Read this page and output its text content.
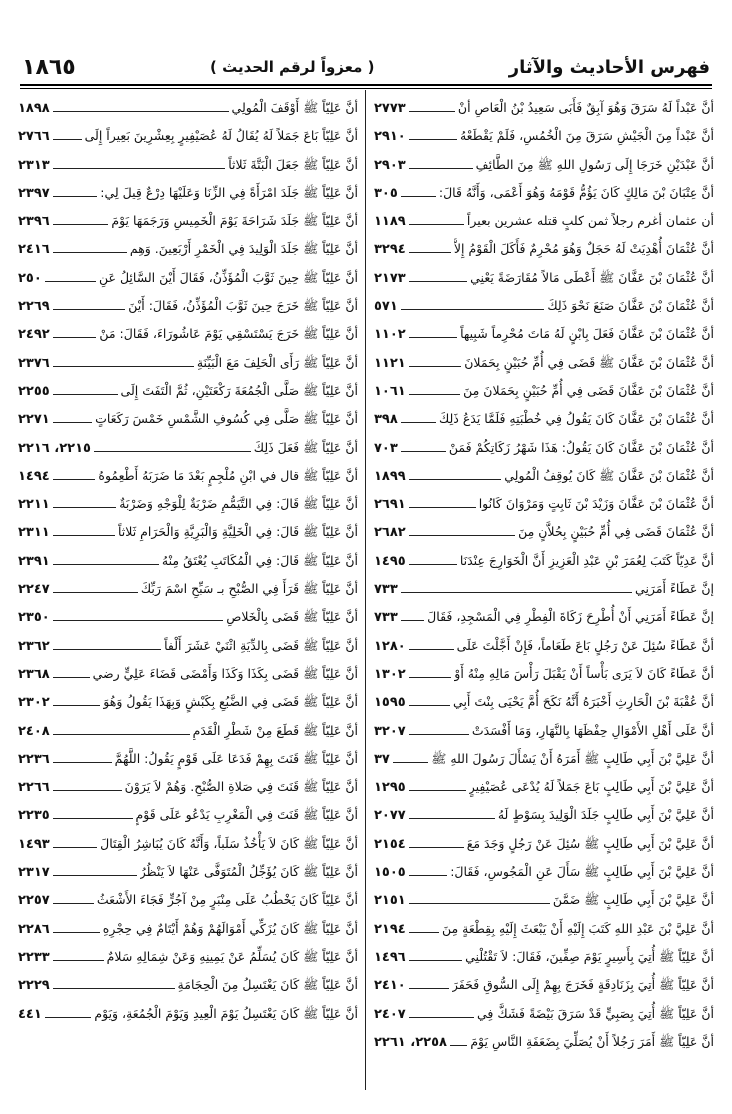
فهرس الأحاديث والآثار
( معزواً لرقم الحديث )
١٨٦٥
أنَّ عَبْداً لَهُ سَرَقَ وَهُوَ آبِقٌ فَأَبَى سَعِيدُ بْنُ الْعَاصِ أنْ
٢٧٧٣
أنَّ عَبْداً مِنَ الْجَيْشِ سَرَقَ مِنَ الْخُمُسِ، فَلَمْ يَقْطَعْهُ
٢٩١٠
أنَّ عَبْدَيْنِ خَرَجَا إِلَى رَسُولِ اللهِ ﷺ مِنَ الطَّائِفِ
٢٩٠٣
أنَّ عِتْبَانَ بْنَ مَالِكٍ كَانَ يَؤُمُّ قَوْمَهُ وَهُوَ أَعْمَى، وَأَنَّهُ قَالَ:
٣٠٥
أن عثمان أغرم رجلاً ثمن كلبٍ قتله عشرين بعيراً
١١٨٩
أنَّ عُثْمَانَ أُهْدِيَتْ لَهُ حَجَلٌ وَهُوَ مُحْرِمٌ فَأَكَلَ الْقَوْمُ إِلاَّ
٣٢٩٤
أنَّ عُثْمَانَ بْنَ عَفَّانَ ﷺ أَعْطَى مَالاً مُقَارَضَةً يَعْنِي
٢١٧٣
أنَّ عُثْمَانَ بْنَ عَفَّانَ صَنَعَ نَحْوَ ذَلِكَ
٥٧١
أنَّ عُثْمَانَ بْنَ عَفَّانَ فَعَلَ بِابْنٍ لَهُ مَاتَ مُحْرِماً شَبِيهاً
١١٠٢
أنَّ عُثْمَانَ بْنَ عَفَّانَ ﷺ قَضَى فِي أُمِّ حُبَيْنٍ بِحَمَلانَ
١١٢١
أنَّ عُثْمَانَ بْنَ عَفَّانَ قَضَى فِي أُمِّ حُبَيْنٍ بِحَمَلانَ مِنَ
١٠٦١
أنَّ عُثْمَانَ بْنَ عَفَّانَ كَانَ يَقُولُ فِي خُطْبَتِهِ فَلَمَّا يَدَعُ ذَلِكَ
٣٩٨
أنَّ عُثْمَانَ بْنَ عَفَّانَ كَانَ يَقُولُ: هَذَا شَهْرُ زَكَاتِكُمْ فَمَنْ
٧٠٣
أنَّ عُثْمَانَ بْنَ عَفَّانَ ﷺ كَانَ يُوقِفُ الْمُولِي
١٨٩٩
أنَّ عُثْمَانَ بْنَ عَفَّانَ وَزَيْدَ بْنَ ثَابِتٍ وَمَرْوَانَ كَانُوا
٢٦٩١
أنَّ عُثْمَانَ قَضَى فِي أُمِّ حُبَيْنٍ بِحُلاَّنٍ مِنَ
٢٦٨٢
أنَّ عَدِيّاً كَتَبَ لِعُمَرَ بْنِ عَبْدِ الْعَزِيزِ أَنَّ الْخَوَارِجَ عِنْدَنَا
١٤٩٥
إنَّ عَطَاءً أَمَرَنِي
٧٣٣
إنَّ عَطَاءً أَمَرَنِي أَنْ أُطْرِحَ زَكَاةَ الْفِطْرِ فِي الْمَسْجِدِ، فَقَالَ
٧٣٣
أنَّ عَطَاءً سُئِلَ عَنْ رَجُلٍ بَاعَ طَعَاماً، فَإِنْ أَجَّلْتَ عَلَى
١٢٨٠
أنَّ عَطَاءً كَانَ لاَ يَرَى بَأْساً أَنْ يَقْبَلَ رَأْسَ مَالِهِ مِنْهُ أَوْ
١٣٠٢
أنَّ عُقْبَةَ بْنَ الْحَارِثِ أَخْبَرَهُ أَنَّهُ نَكَحَ أُمَّ يَحْيَى بِنْتَ أَبِي
١٥٩٥
أنَّ عَلَى أَهْلِ الأَمْوَالِ حِفْظَهَا بِالنَّهَارِ، وَمَا أَفْسَدَتْ
٣٢٠٧
أنَّ عَلِيَّ بْنَ أَبِي طَالِبٍ ﷺ أَمَرَهُ أَنْ يَسْأَلَ رَسُولَ اللهِ ﷺ
٣٧
أنَّ عَلِيَّ بْنَ أَبِي طَالِبٍ بَاعَ جَمَلاً لَهُ يُدْعَى عُصَيْفِيرٍ
١٢٩٥
أنَّ عَلِيَّ بْنَ أَبِي طَالِبٍ جَلَدَ الْوَلِيدَ بِسَوْطٍ لَهُ
٢٠٧٧
أنَّ عَلِيَّ بْنَ أَبِي طَالِبٍ ﷺ سُئِلَ عَنْ رَجُلٍ وَجَدَ مَعَ
٢١٥٤
أنَّ عَلِيَّ بْنَ أَبِي طَالِبٍ ﷺ سَأَلَ عَنِ الْمَجُوسِ، فَقَالَ:
١٥٠٥
أنَّ عَلِيَّ بْنَ أَبِي طَالِبٍ ﷺ ضَمَّنَ
٢١٥١
أنَّ عَلِيَّ بْنَ عَبْدِ اللهِ كَتَبَ إِلَيْهِ أَنْ يَبْعَثَ إِلَيْهِ بِقِطْعَةٍ مِنَ
٢١٩٤
أنَّ عَلِيّاً ﷺ أُتِيَ بِأَسِيرٍ يَوْمَ صِفِّينَ، فَقَالَ: لاَ تَقْتُلْنِي
١٤٩٦
أنَّ عَلِيّاً ﷺ أُتِيَ بِزَنَادِقَةٍ فَخَرَجَ بِهِمْ إِلَى السُّوقِ فَحَفَرَ
٢٤١٠
أنَّ عَلِيّاً ﷺ أُتِيَ بِصَبِيٍّ قَدْ سَرَقَ بَيْضَةً فَشَكَّ فِي
٢٤٠٧
أنَّ عَلِيّاً ﷺ أَمَرَ رَجُلاً أَنْ يُصَلِّيَ بِضَعَفَةِ النَّاسِ يَوْمَ
٢٢٥٨، ٢٢٦١
أنَّ عَلِيّاً ﷺ أَوْقَفَ الْمُولِي
١٨٩٨
أنَّ عَلِيّاً بَاعَ جَمَلاً لَهُ يُقَالُ لَهُ عُصَيْفِيرٍ بِعِشْرِينَ بَعِيراً إِلَى
٢٧٦٦
أنَّ عَلِيّاً ﷺ جَعَلَ الْبَتَّةَ ثَلاثاً
٢٣١٣
أنَّ عَلِيّاً ﷺ جَلَدَ امْرَأَةً فِي الزِّنَا وَعَلَيْهَا دِرْعٌ قِيلَ لِي:
٢٣٩٧
أنَّ عَلِيّاً ﷺ جَلَدَ شَرَاحَةَ يَوْمَ الْخَمِيسِ وَرَجَمَهَا يَوْمَ
٢٣٩٦
أنَّ عَلِيّاً ﷺ جَلَدَ الْوَلِيدَ فِي الْخَمْرِ أَرْبَعِينَ. وَهِم
٢٤١٦
أنَّ عَلِيّاً ﷺ حِينَ ثَوَّبَ الْمُؤَذِّنُ، فَقَالَ أَيْنَ السَّائِلُ عَنِ
٢٥٠
أنَّ عَلِيّاً ﷺ خَرَجَ حِينَ ثَوَّبَ الْمُؤَذِّنُ، فَقَالَ: أَيْنَ
٢٢٦٩
أنَّ عَلِيّاً ﷺ خَرَجَ يَسْتَسْقِي يَوْمَ عَاشُورَاءَ، فَقَالَ: مَنْ
٢٤٩٢
أنَّ عَلِيّاً ﷺ رَأَى الْحَلِفَ مَعَ الْبَيِّنَةِ
٢٣٧٦
أنَّ عَلِيّاً ﷺ صَلَّى الْجُمُعَةَ رَكْعَتَيْنِ، ثُمَّ الْتَفَتَ إِلَى
٢٢٥٥
أنَّ عَلِيّاً ﷺ صَلَّى فِي كُسُوفِ الشَّمْسِ خَمْسَ رَكَعَاتٍ
٢٢٧١
أنَّ عَلِيّاً ﷺ فَعَلَ ذَلِكَ
٢٢١٥، ٢٢١٦
أنَّ عَلِيّاً ﷺ قال في ابْنِ مُلْجِمٍ بَعْدَ مَا ضَرَبَهُ أَطْعِمُوهُ
١٤٩٤
أنَّ عَلِيّاً ﷺ قَالَ: فِي التَّيَمُّمِ ضَرْبَةٌ لِلْوَجْهِ وَضَرْبَةٌ
٢٢١١
أنَّ عَلِيّاً ﷺ قَالَ: فِي الْخَلِيَّةِ وَالْبَرِيَّةِ وَالْحَرَامِ ثَلاثاً
٢٣١١
أنَّ عَلِيّاً ﷺ قَالَ: فِي الْمُكَاتَبِ يُعْتَقُ مِنْهُ
٢٣٩١
أنَّ عَلِيّاً ﷺ قَرَأَ فِي الصُّبْحِ بـ سَبِّحِ اسْمَ رَبِّكَ
٢٢٤٧
أنَّ عَلِيّاً ﷺ قَضَى بِالْخَلاصِ
٢٣٥٠
أنَّ عَلِيّاً ﷺ قَضَى بِالدِّيَةِ اثْنَيْ عَشَرَ أَلْفاً
٢٣٦٢
أنَّ عَلِيّاً ﷺ قَضَى بِكَذَا وَكَذَا وَأَمْضَى قَضَاءَ عَلِيٍّ رضي
٢٣٦٨
أنَّ عَلِيّاً ﷺ قَضَى فِي الضَّبُعِ بِكَبْشٍ وَبِهَذَا يَقُولُ وَهُوَ
٢٣٠٢
أنَّ عَلِيّاً ﷺ قَطَعَ مِنْ شَطْرِ الْقَدَمِ
٢٤٠٨
أنَّ عَلِيّاً ﷺ قَنَتَ بِهِمْ فَدَعَا عَلَى قَوْمٍ يَقُولُ: اللَّهُمَّ
٢٢٣٦
أنَّ عَلِيّاً ﷺ قَنَتَ فِي صَلاةِ الصُّبْحِ. وَهُمْ لاَ يَرَوْنَ
٢٢٦٦
أنَّ عَلِيّاً ﷺ قَنَتَ فِي الْمَغْرِبِ يَدْعُو عَلَى قَوْمٍ
٢٢٣٥
أنَّ عَلِيّاً ﷺ كَانَ لاَ يَأْخُذُ سَلَباً، وَأَنَّهُ كَانَ يُبَاشِرُ الْقِتَالَ
١٤٩٣
أنَّ عَلِيّاً ﷺ كَانَ يُؤَجِّلُ الْمُتَوَفَّى عَنْهَا لاَ يَنْظُرُ
٢٣١٧
أنَّ عَلِيّاً كَانَ يَخْطُبُ عَلَى مِنْبَرٍ مِنْ آجُرٍّ فَجَاءَ الأَشْعَثُ
٢٢٥٧
أنَّ عَلِيّاً ﷺ كَانَ يُزَكِّي أَمْوَالَهُمْ وَهُمْ أَيْتَامٌ فِي حِجْرِهِ
٢٢٨٦
أنَّ عَلِيّاً ﷺ كَانَ يُسَلِّمُ عَنْ يَمِينِهِ وَعَنْ شِمَالِهِ سَلامٌ
٢٢٣٣
أنَّ عَلِيّاً ﷺ كَانَ يَغْتَسِلُ مِنَ الْحِجَامَةِ
٢٢٢٩
أنَّ عَلِيّاً ﷺ كَانَ يَغْتَسِلُ يَوْمَ الْعِيدِ وَيَوْمَ الْجُمُعَةِ، وَيَوْم
٤٤١
